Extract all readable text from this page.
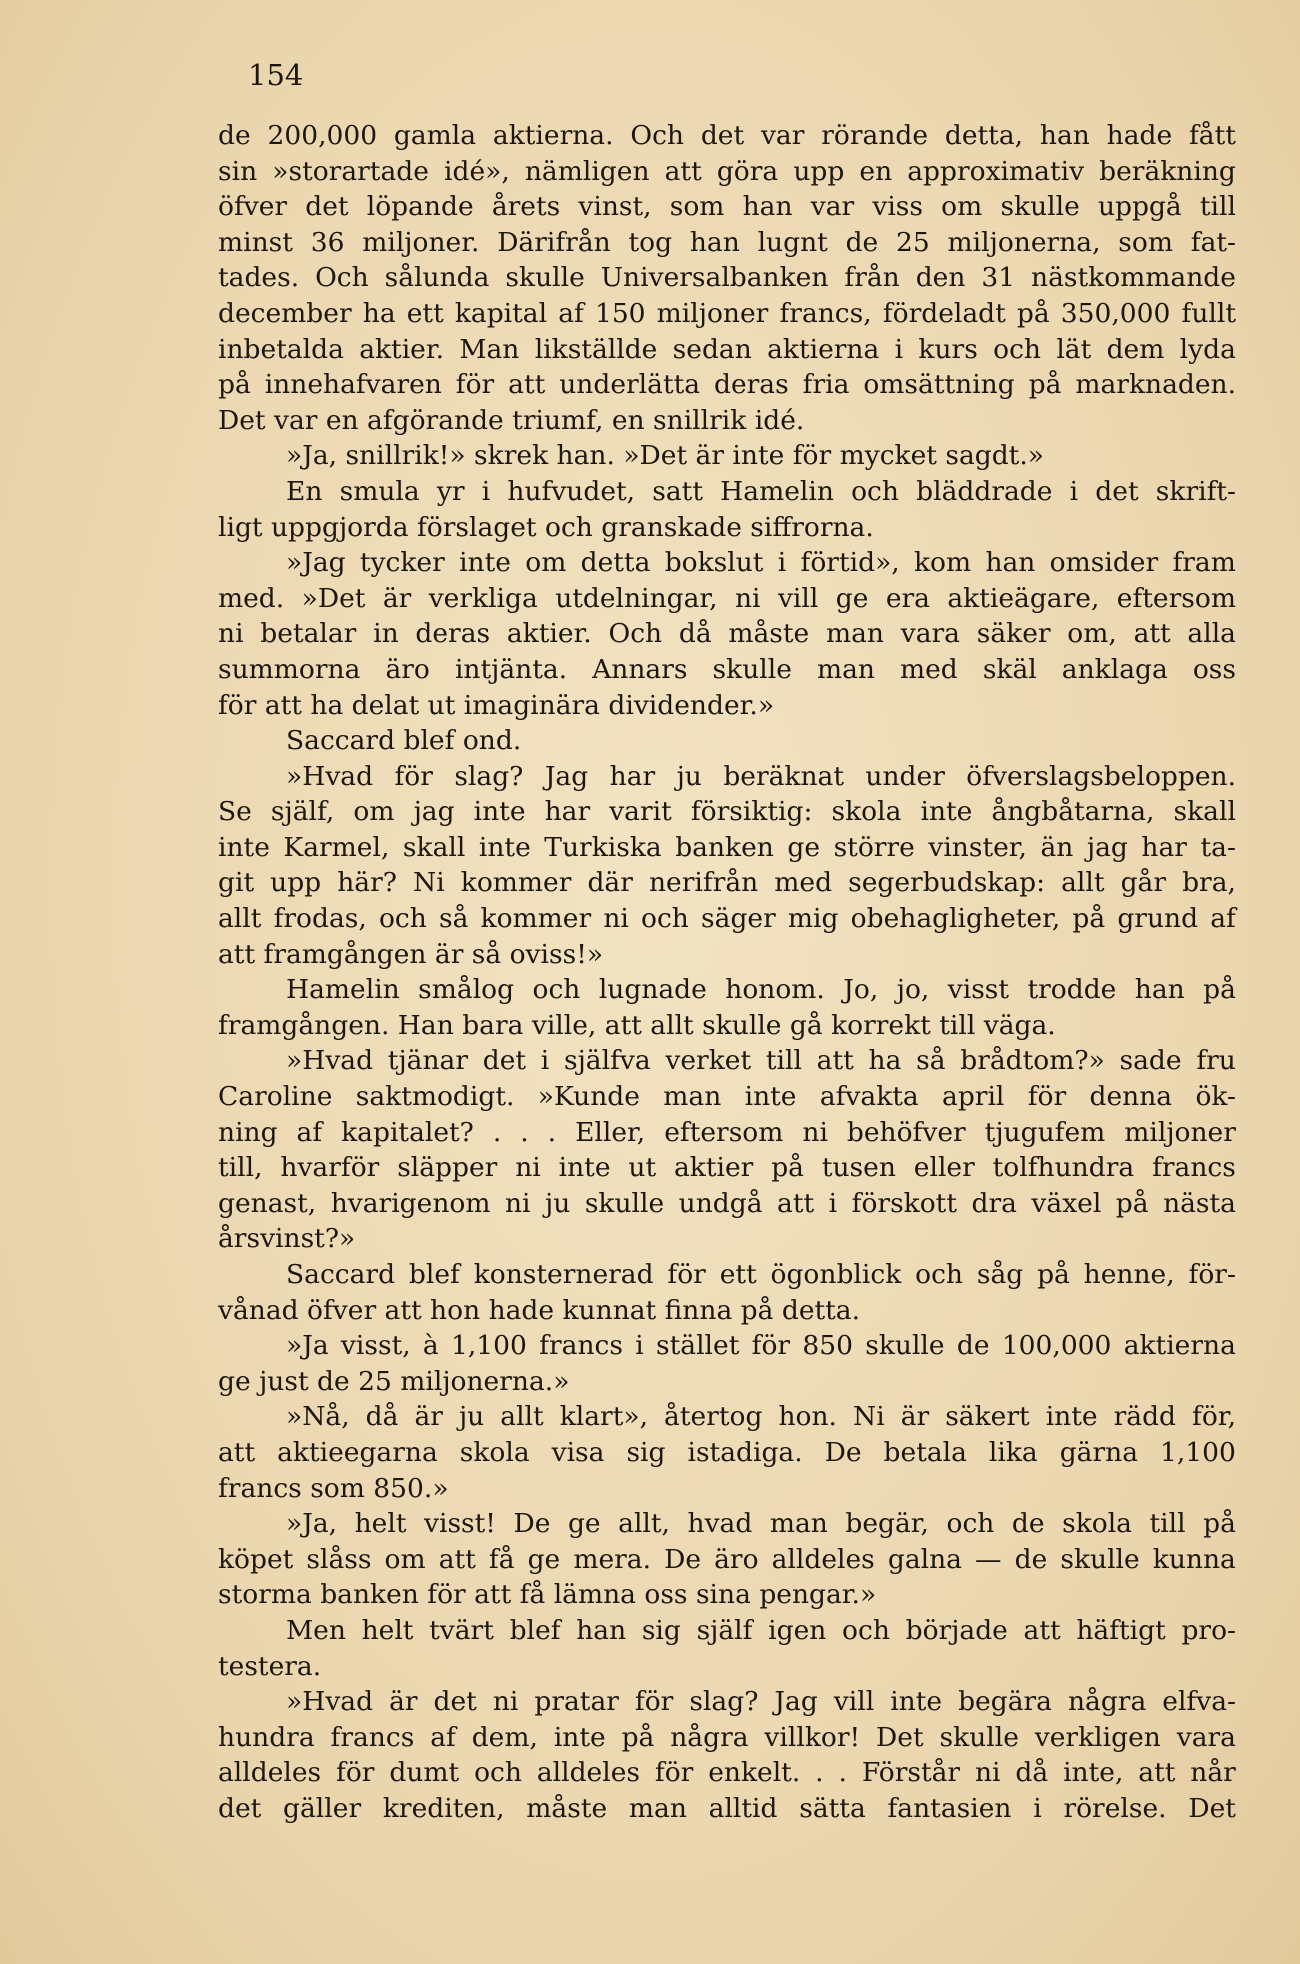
154
de 200,000 gamla aktierna. Och det var rörande detta, han hade fått
sin »storartade idé», nämligen att göra upp en approximativ beräkning
öfver det löpande årets vinst, som han var viss om skulle uppgå till
minst 36 miljoner. Därifrån tog han lugnt de 25 miljonerna, som fat-
tades. Och sålunda skulle Universalbanken från den 31 nästkommande
december ha ett kapital af 150 miljoner francs, fördeladt på 350,000 fullt
inbetalda aktier. Man likställde sedan aktierna i kurs och lät dem lyda
på innehafvaren för att underlätta deras fria omsättning på marknaden.
Det var en afgörande triumf, en snillrik idé.
»Ja, snillrik!» skrek han. »Det är inte för mycket sagdt.»
En smula yr i hufvudet, satt Hamelin och bläddrade i det skrift-
ligt uppgjorda förslaget och granskade siffrorna.
»Jag tycker inte om detta bokslut i förtid», kom han omsider fram
med. »Det är verkliga utdelningar, ni vill ge era aktieägare, eftersom
ni betalar in deras aktier. Och då måste man vara säker om, att alla
summorna äro intjänta. Annars skulle man med skäl anklaga oss
för att ha delat ut imaginära dividender.»
Saccard blef ond.
»Hvad för slag? Jag har ju beräknat under öfverslagsbeloppen.
Se själf, om jag inte har varit försiktig: skola inte ångbåtarna, skall
inte Karmel, skall inte Turkiska banken ge större vinster, än jag har ta-
git upp här? Ni kommer där nerifrån med segerbudskap: allt går bra,
allt frodas, och så kommer ni och säger mig obehagligheter, på grund af
att framgången är så oviss!»
Hamelin smålog och lugnade honom. Jo, jo, visst trodde han på
framgången. Han bara ville, att allt skulle gå korrekt till väga.
»Hvad tjänar det i själfva verket till att ha så brådtom?» sade fru
Caroline saktmodigt. »Kunde man inte afvakta april för denna ök-
ning af kapitalet? . . . Eller, eftersom ni behöfver tjugufem miljoner
till, hvarför släpper ni inte ut aktier på tusen eller tolfhundra francs
genast, hvarigenom ni ju skulle undgå att i förskott dra växel på nästa
årsvinst?»
Saccard blef konsternerad för ett ögonblick och såg på henne, för-
vånad öfver att hon hade kunnat finna på detta.
»Ja visst, à 1,100 francs i stället för 850 skulle de 100,000 aktierna
ge just de 25 miljonerna.»
»Nå, då är ju allt klart», återtog hon. Ni är säkert inte rädd för,
att aktieegarna skola visa sig istadiga. De betala lika gärna 1,100
francs som 850.»
»Ja, helt visst! De ge allt, hvad man begär, och de skola till på
köpet slåss om att få ge mera. De äro alldeles galna — de skulle kunna
storma banken för att få lämna oss sina pengar.»
Men helt tvärt blef han sig själf igen och började att häftigt pro-
testera.
»Hvad är det ni pratar för slag? Jag vill inte begära några elfva-
hundra francs af dem, inte på några villkor! Det skulle verkligen vara
alldeles för dumt och alldeles för enkelt. . . Förstår ni då inte, att når
det gäller krediten, måste man alltid sätta fantasien i rörelse. Det
